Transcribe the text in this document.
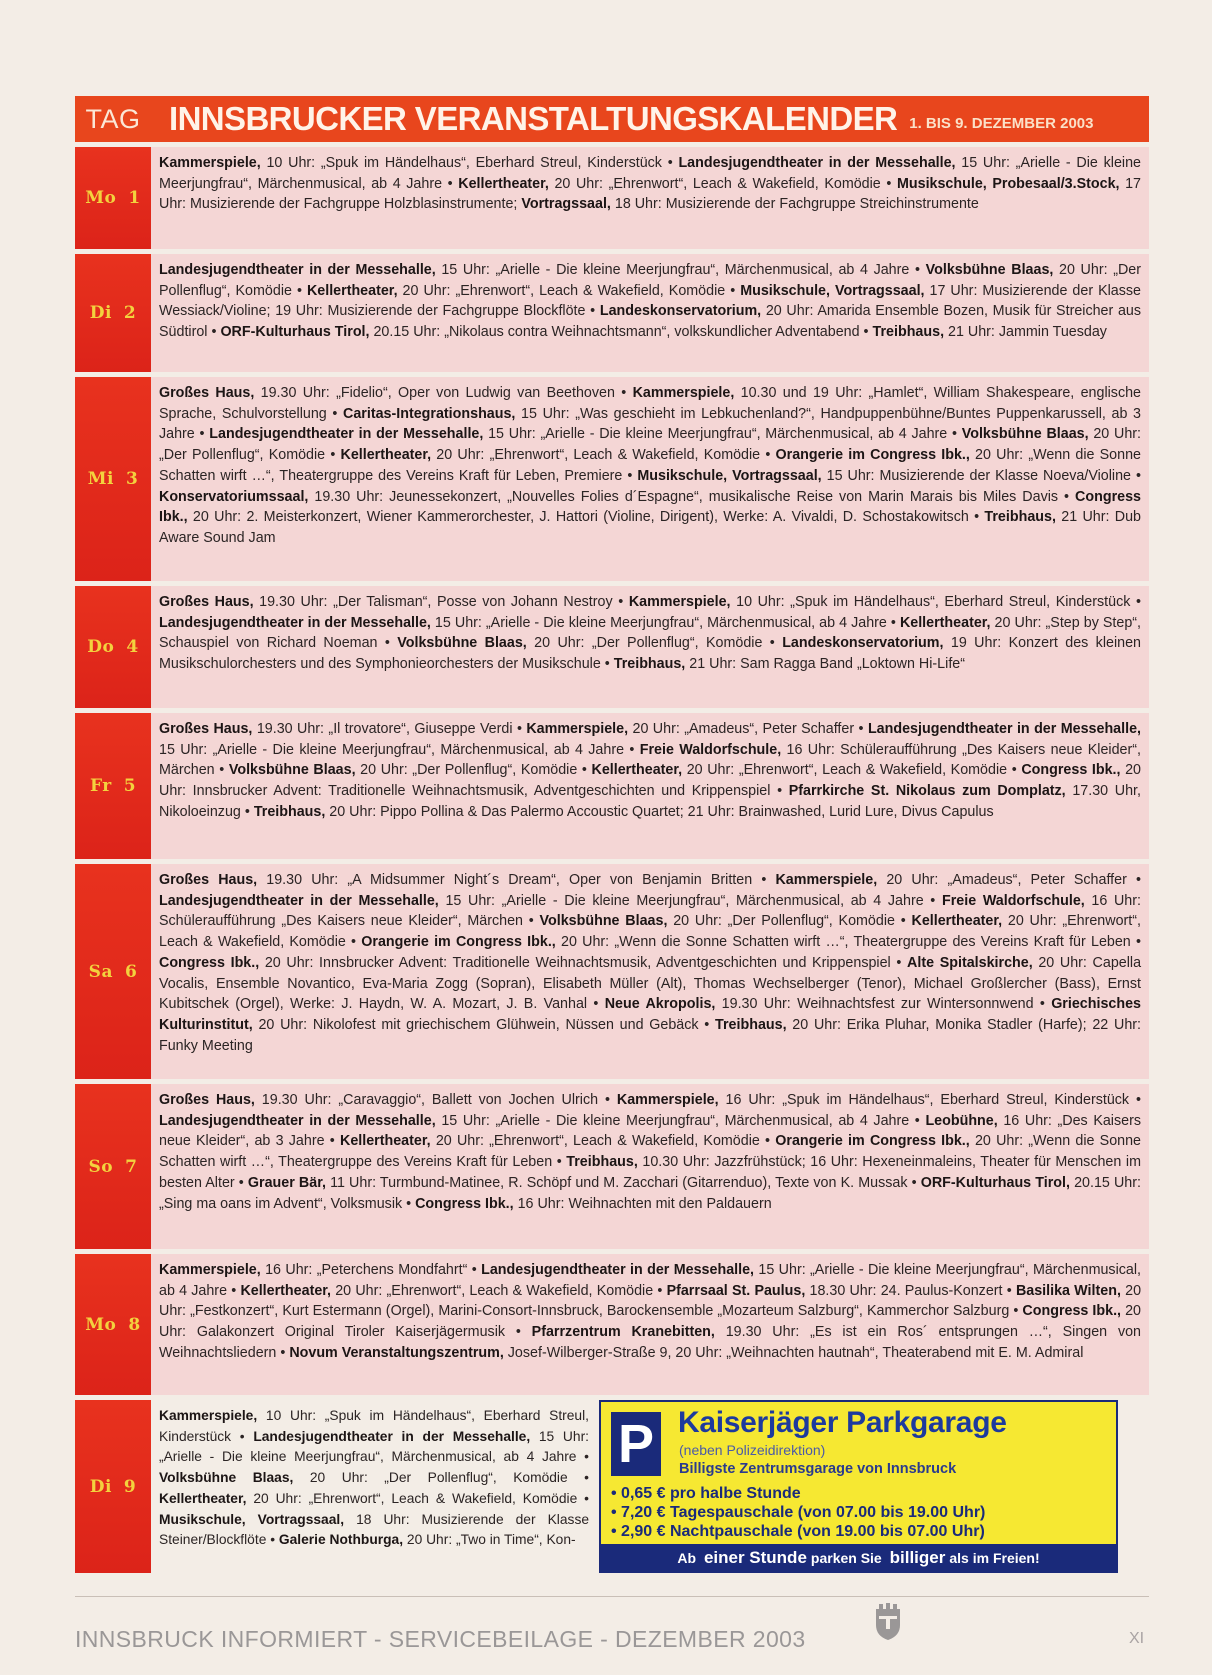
TAG INNSBRUCKER VERANSTALTUNGSKALENDER 1. BIS 9. DEZEMBER 2003
Mo 1
Kammerspiele, 10 Uhr: „Spuk im Händelhaus“, Eberhard Streul, Kinderstück • Landesjugendtheater in der Messehalle, 15 Uhr: „Arielle - Die kleine Meerjungfrau“, Märchenmusical, ab 4 Jahre • Kellertheater, 20 Uhr: „Ehrenwort“, Leach & Wakefield, Komödie • Musikschule, Probesaal/3.Stock, 17 Uhr: Musizierende der Fachgruppe Holzblasinstrumente; Vortragssaal, 18 Uhr: Musizierende der Fachgruppe Streichinstrumente
Di 2
Landesjugendtheater in der Messehalle, 15 Uhr: „Arielle - Die kleine Meerjungfrau“, Märchenmusical, ab 4 Jahre • Volksbühne Blaas, 20 Uhr: „Der Pollenflug“, Komödie • Kellertheater, 20 Uhr: „Ehrenwort“, Leach & Wakefield, Komödie • Musikschule, Vortragssaal, 17 Uhr: Musizierende der Klasse Wessiack/Violine; 19 Uhr: Musizierende der Fachgruppe Blockflöte • Landeskonservatorium, 20 Uhr: Amarida Ensemble Bozen, Musik für Streicher aus Südtirol • ORF-Kulturhaus Tirol, 20.15 Uhr: „Nikolaus contra Weihnachtsmann“, volkskundlicher Adventabend • Treibhaus, 21 Uhr: Jammin Tuesday
Mi 3
Großes Haus, 19.30 Uhr: „Fidelio“, Oper von Ludwig van Beethoven • Kammerspiele, 10.30 und 19 Uhr: „Hamlet“, William Shakespeare, englische Sprache, Schulvorstellung • Caritas-Integrationshaus, 15 Uhr: „Was geschieht im Lebkuchenland?“, Handpuppenbühne/Buntes Puppenkarussell, ab 3 Jahre • Landesjugendtheater in der Messehalle, 15 Uhr: „Arielle - Die kleine Meerjungfrau“, Märchenmusical, ab 4 Jahre • Volksbühne Blaas, 20 Uhr: „Der Pollenflug“, Komödie • Kellertheater, 20 Uhr: „Ehrenwort“, Leach & Wakefield, Komödie • Orangerie im Congress Ibk., 20 Uhr: „Wenn die Sonne Schatten wirft …“, Theatergruppe des Vereins Kraft für Leben, Premiere • Musikschule, Vortragssaal, 15 Uhr: Musizierende der Klasse Noeva/Violine • Konservatoriumssaal, 19.30 Uhr: Jeunessekonzert, „Nouvelles Folies d´Espagne“, musikalische Reise von Marin Marais bis Miles Davis • Congress Ibk., 20 Uhr: 2. Meisterkonzert, Wiener Kammerorchester, J. Hattori (Violine, Dirigent), Werke: A. Vivaldi, D. Schostakowitsch • Treibhaus, 21 Uhr: Dub Aware Sound Jam
Do 4
Großes Haus, 19.30 Uhr: „Der Talisman“, Posse von Johann Nestroy • Kammerspiele, 10 Uhr: „Spuk im Händelhaus“, Eberhard Streul, Kinderstück • Landesjugendtheater in der Messehalle, 15 Uhr: „Arielle - Die kleine Meerjungfrau“, Märchenmusical, ab 4 Jahre • Kellertheater, 20 Uhr: „Step by Step“, Schauspiel von Richard Noeman • Volksbühne Blaas, 20 Uhr: „Der Pollenflug“, Komödie • Landeskonservatorium, 19 Uhr: Konzert des kleinen Musikschulorchesters und des Symphonieorchesters der Musikschule • Treibhaus, 21 Uhr: Sam Ragga Band „Loktown Hi-Life“
Fr 5
Großes Haus, 19.30 Uhr: „Il trovatore“, Giuseppe Verdi • Kammerspiele, 20 Uhr: „Amadeus“, Peter Schaffer • Landesjugendtheater in der Messehalle, 15 Uhr: „Arielle - Die kleine Meerjungfrau“, Märchenmusical, ab 4 Jahre • Freie Waldorfschule, 16 Uhr: Schüleraufführung „Des Kaisers neue Kleider“, Märchen • Volksbühne Blaas, 20 Uhr: „Der Pollenflug“, Komödie • Kellertheater, 20 Uhr: „Ehrenwort“, Leach & Wakefield, Komödie • Congress Ibk., 20 Uhr: Innsbrucker Advent: Traditionelle Weihnachtsmusik, Adventgeschichten und Krippenspiel • Pfarrkirche St. Nikolaus zum Domplatz, 17.30 Uhr, Nikoloeinzug • Treibhaus, 20 Uhr: Pippo Pollina & Das Palermo Accoustic Quartet; 21 Uhr: Brainwashed, Lurid Lure, Divus Capulus
Sa 6
Großes Haus, 19.30 Uhr: „A Midsummer Night´s Dream“, Oper von Benjamin Britten • Kammerspiele, 20 Uhr: „Amadeus“, Peter Schaffer • Landesjugendtheater in der Messehalle, 15 Uhr: „Arielle - Die kleine Meerjungfrau“, Märchenmusical, ab 4 Jahre • Freie Waldorfschule, 16 Uhr: Schüleraufführung „Des Kaisers neue Kleider“, Märchen • Volksbühne Blaas, 20 Uhr: „Der Pollenflug“, Komödie • Kellertheater, 20 Uhr: „Ehrenwort“, Leach & Wakefield, Komödie • Orangerie im Congress Ibk., 20 Uhr: „Wenn die Sonne Schatten wirft …“, Theatergruppe des Vereins Kraft für Leben • Congress Ibk., 20 Uhr: Innsbrucker Advent: Traditionelle Weihnachtsmusik, Adventgeschichten und Krippenspiel • Alte Spitalskirche, 20 Uhr: Capella Vocalis, Ensemble Novantico, Eva-Maria Zogg (Sopran), Elisabeth Müller (Alt), Thomas Wechselberger (Tenor), Michael Großlercher (Bass), Ernst Kubitschek (Orgel), Werke: J. Haydn, W. A. Mozart, J. B. Vanhal • Neue Akropolis, 19.30 Uhr: Weihnachtsfest zur Wintersonnwend • Griechisches Kulturinstitut, 20 Uhr: Nikolofest mit griechischem Glühwein, Nüssen und Gebäck • Treibhaus, 20 Uhr: Erika Pluhar, Monika Stadler (Harfe); 22 Uhr: Funky Meeting
So 7
Großes Haus, 19.30 Uhr: „Caravaggio“, Ballett von Jochen Ulrich • Kammerspiele, 16 Uhr: „Spuk im Händelhaus“, Eberhard Streul, Kinderstück • Landesjugendtheater in der Messehalle, 15 Uhr: „Arielle - Die kleine Meerjungfrau“, Märchenmusical, ab 4 Jahre • Leobühne, 16 Uhr: „Des Kaisers neue Kleider“, ab 3 Jahre • Kellertheater, 20 Uhr: „Ehrenwort“, Leach & Wakefield, Komödie • Orangerie im Congress Ibk., 20 Uhr: „Wenn die Sonne Schatten wirft …“, Theatergruppe des Vereins Kraft für Leben • Treibhaus, 10.30 Uhr: Jazzfrühstück; 16 Uhr: Hexeneinmaleins, Theater für Menschen im besten Alter • Grauer Bär, 11 Uhr: Turmbund-Matinee, R. Schöpf und M. Zacchari (Gitarrenduo), Texte von K. Mussak • ORF-Kulturhaus Tirol, 20.15 Uhr: „Sing ma oans im Advent“, Volksmusik • Congress Ibk., 16 Uhr: Weihnachten mit den Paldauern
Mo 8
Kammerspiele, 16 Uhr: „Peterchens Mondfahrt“ • Landesjugendtheater in der Messehalle, 15 Uhr: „Arielle - Die kleine Meerjungfrau“, Märchenmusical, ab 4 Jahre • Kellertheater, 20 Uhr: „Ehrenwort“, Leach & Wakefield, Komödie • Pfarrsaal St. Paulus, 18.30 Uhr: 24. Paulus-Konzert • Basilika Wilten, 20 Uhr: „Festkonzert“, Kurt Estermann (Orgel), Marini-Consort-Innsbruck, Barockensemble „Mozarteum Salzburg“, Kammerchor Salzburg • Congress Ibk., 20 Uhr: Galakonzert Original Tiroler Kaiserjägermusik • Pfarrzentrum Kranebitten, 19.30 Uhr: „Es ist ein Ros´ entsprungen …“, Singen von Weihnachtsliedern • Novum Veranstaltungszentrum, Josef-Wilberger-Straße 9, 20 Uhr: „Weihnachten hautnah“, Theaterabend mit E. M. Admiral
Di 9
Kammerspiele, 10 Uhr: „Spuk im Händelhaus“, Eberhard Streul, Kinderstück • Landesjugendtheater in der Messehalle, 15 Uhr: „Arielle - Die kleine Meerjungfrau“, Märchenmusical, ab 4 Jahre • Volksbühne Blaas, 20 Uhr: „Der Pollenflug“, Komödie • Kellertheater, 20 Uhr: „Ehrenwort“, Leach & Wakefield, Komödie • Musikschule, Vortragssaal, 18 Uhr: Musizierende der Klasse Steiner/Blockflöte • Galerie Nothburga, 20 Uhr: „Two in Time“, Kon-
P Kaiserjäger Parkgarage
(neben Polizeidirektion)
Billigste Zentrumsgarage von Innsbruck
• 0,65 € pro halbe Stunde
• 7,20 € Tagespauschale (von 07.00 bis 19.00 Uhr)
• 2,90 € Nachtpauschale (von 19.00 bis 07.00 Uhr)
Ab
einer Stunde parken Sie
billiger als im Freien!
INNSBRUCK INFORMIERT - SERVICEBEILAGE - DEZEMBER 2003	XI
